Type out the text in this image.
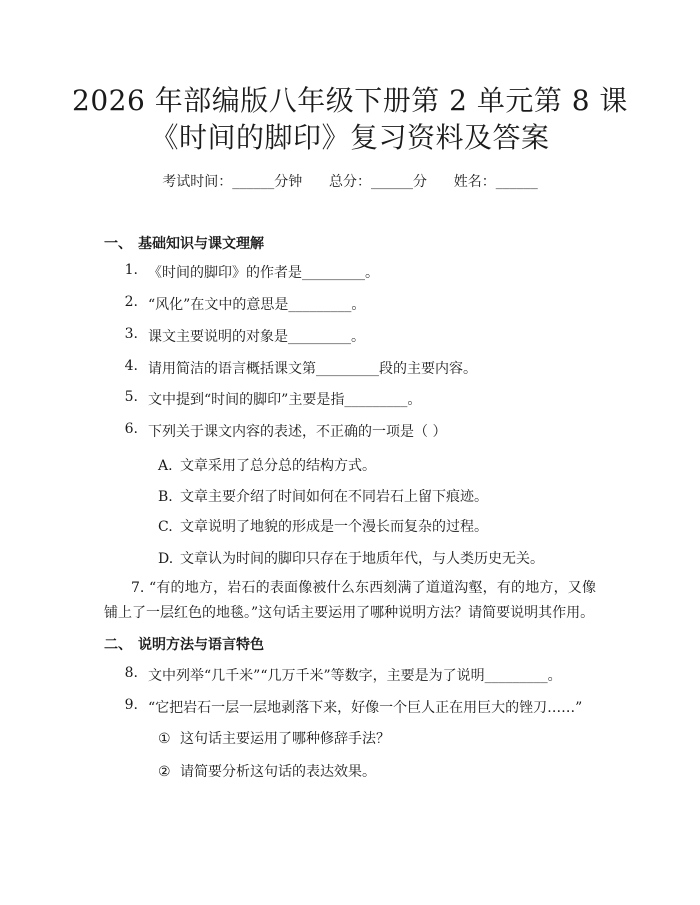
2026 年部编版八年级下册第 2 单元第 8 课
《时间的脚印》复习资料及答案
考试时间：______分钟      总分：______分      姓名：______
一、 基础知识与课文理解
1. 《时间的脚印》的作者是_________。
2. “风化”在文中的意思是_________。
3. 课文主要说明的对象是_________。
4. 请用简洁的语言概括课文第_________段的主要内容。
5. 文中提到“时间的脚印”主要是指_________。
6. 下列关于课文内容的表述，不正确的一项是（ ）
A. 文章采用了总分总的结构方式。
B. 文章主要介绍了时间如何在不同岩石上留下痕迹。
C. 文章说明了地貌的形成是一个漫长而复杂的过程。
D. 文章认为时间的脚印只存在于地质年代，与人类历史无关。
7. “有的地方，岩石的表面像被什么东西刻满了道道沟壑，有的地方，又像铺上了一层红色的地毯。”这句话主要运用了哪种说明方法？请简要说明其作用。
二、 说明方法与语言特色
8. 文中列举“几千米”“几万千米”等数字，主要是为了说明_________。
9. “它把岩石一层一层地剥落下来，好像一个巨人正在用巨大的锉刀……”
① 这句话主要运用了哪种修辞手法？
② 请简要分析这句话的表达效果。
